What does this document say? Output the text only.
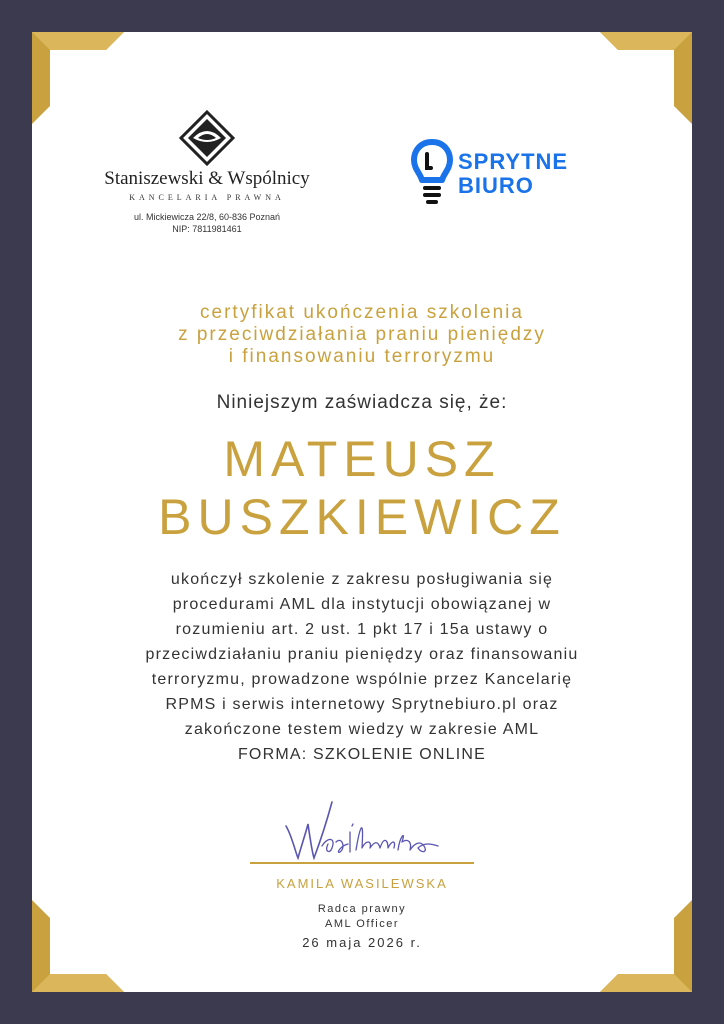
Staniszewski & Wspólnicy
KANCELARIA PRAWNA
ul. Mickiewicza 22/8, 60-836 Poznań
NIP: 7811981461
SPRYTNE
BIURO
certyfikat ukończenia szkolenia
z przeciwdziałania praniu pieniędzy
i finansowaniu terroryzmu
Niniejszym zaświadcza się, że:
MATEUSZ
BUSZKIEWICZ
ukończył szkolenie z zakresu posługiwania się
procedurami AML dla instytucji obowiązanej w
rozumieniu art. 2 ust. 1 pkt 17 i 15a ustawy o
przeciwdziałaniu praniu pieniędzy oraz finansowaniu
terroryzmu, prowadzone wspólnie przez Kancelarię
RPMS i serwis internetowy Sprytnebiuro.pl oraz
zakończone testem wiedzy w zakresie AML
FORMA: SZKOLENIE ONLINE
KAMILA WASILEWSKA
Radca prawny
AML Officer
26 maja 2026 r.
